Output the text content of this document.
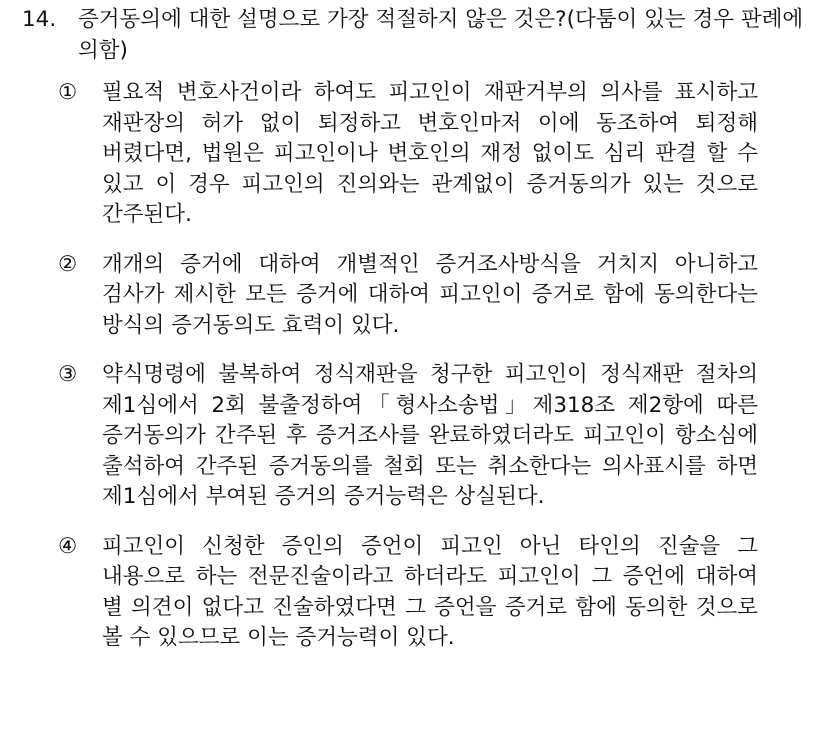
14.	증거동의에 대한 설명으로 가장 적절하지 않은 것은?(다툼이 있는 경우 판례에 의함)
①	필요적 변호사건이라 하여도 피고인이 재판거부의 의사를 표시하고 재판장의 허가 없이 퇴정하고 변호인마저 이에 동조하여 퇴정해 버렸다면, 법원은 피고인이나 변호인의 재정 없이도 심리 판결 할 수 있고 이 경우 피고인의 진의와는 관계없이 증거동의가 있는 것으로 간주된다.
②	개개의 증거에 대하여 개별적인 증거조사방식을 거치지 아니하고 검사가 제시한 모든 증거에 대하여 피고인이 증거로 함에 동의한다는 방식의 증거동의도 효력이 있다.
③	약식명령에 불복하여 정식재판을 청구한 피고인이 정식재판 절차의 제1심에서 2회 불출정하여「형사소송법」제318조 제2항에 따른 증거동의가 간주된 후 증거조사를 완료하였더라도 피고인이 항소심에 출석하여 간주된 증거동의를 철회 또는 취소한다는 의사표시를 하면 제1심에서 부여된 증거의 증거능력은 상실된다.
④	피고인이 신청한 증인의 증언이 피고인 아닌 타인의 진술을 그 내용으로 하는 전문진술이라고 하더라도 피고인이 그 증언에 대하여 별 의견이 없다고 진술하였다면 그 증언을 증거로 함에 동의한 것으로 볼 수 있으므로 이는 증거능력이 있다.
